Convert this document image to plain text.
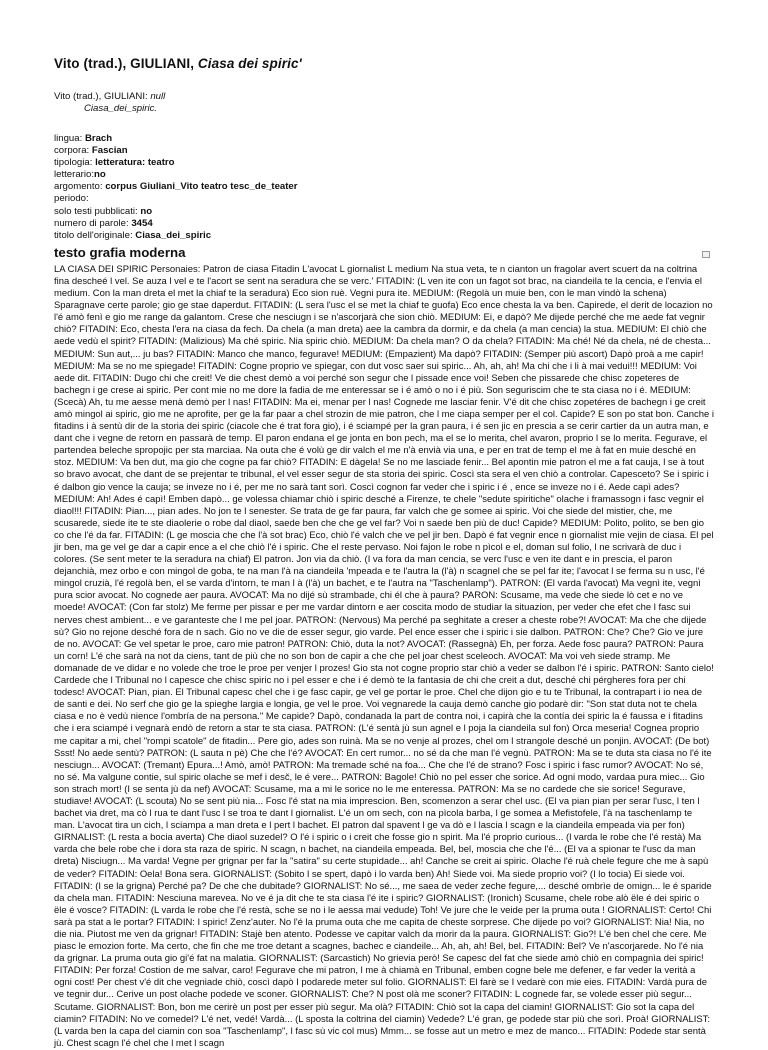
Vito (trad.), GIULIANI, Ciasa dei spiric'

Vito (trad.), GIULIANI: null

Ciasa_dei_spiric.

lingua: Brach
corpora: Fascian
tipologia: letteratura: teatro
letterario:no
argomento: corpus Giuliani_Vito teatro tesc_de_teater
periodo:
solo testi pubblicati: no
numero di parole: 3454
titolo dell'originale: Ciasa_dei_spiric
testo grafia moderna
LA CIASA DEI SPIRIC Personaies: Patron de ciasa Fitadin L'avocat L giornalist L medium Na stua veta, te n cianton un fragolar avert scuert da na coltrina fina descheé l vel. Se auza l vel e te l'acort se sent na seradura che se verc.' FITADIN: (L ven ite con un fagot sot brac, na ciandeila te la cencia, e l'envia el medium. Con la man dreta el met la chiaf te la seradura) Eco sion ruè. Vegni pura ite. MEDIUM: (Regolà un muie ben, con le man vindò la schena) Sparagnave certe parole; gio ge stae daperdut. FITADIN: (L sera l'usc el se met la chiaf te guofa) Eco ence chesta la va ben. Capirede, el derit de locazion no l'é amò fenì e gio me range da galantom. Crese che nesciugn i se n'ascorjarà che sion chiò. MEDIUM: Ei, e dapò? Me dijede perché che me aede fat vegnir chiò? FITADIN: Eco, chesta l'era na ciasa da fech. Da chela (a man dreta) aee la cambra da dormir, e da chela (a man cencia) la stua. MEDIUM: El chiò che aede vedù el spirit? FITADIN: (Malizious) Ma ché spiric. Nia spiric chiò. MEDIUM: Da chela man? O da chela? FITADIN: Ma ché! Né da chela, né de chesta... MEDIUM: Sun aut,... ju bas? FITADIN: Manco che manco, fegurave! MEDIUM: (Empazient) Ma dapò? FITADIN: (Semper più ascort) Dapò proà a me capir! MEDIUM: Ma se no me spiegade! FITADIN: Cogne proprio ve spiegar, con dut vosc saer sui spiric... Ah, ah, ah! Ma chi che i li à mai vedui!!! MEDIUM: Voi aede dit. FITADIN: Dugo chi che creit! Ve die chest demò a voi perché son segur che l pissade ence voi! Seben che pissarede che chisc zopeteres de bachegn i ge crese ai spiric. Per cont mie no me dore la fadia de me enteressar se i é amò o no i é più. Son seguriscim che te sta ciasa no i é. MEDIUM: (Scecà) Ah, tu me aesse menà demò per l nas! FITADIN: Ma ei, menar per l nas! Cognede me lasciar fenir. V'é dit che chisc zopetéres de bachegn i ge creit amò mingol ai spiric, gio me ne aprofite, per ge la far paar a chel strozin de mie patron, che l me ciapa semper per el col. Capide? E son po stat bon. Canche i fitadins i à sentù dir de la storia dei spiric (ciacole che é trat fora gio), i é sciampé per la gran paura, i é sen jic en prescia a se cerir cartier da un autra man, e dant che i vegne de retorn en passarà de temp. El paron endana el ge jonta en bon pech, ma el se lo merita, chel avaron, proprio l se lo merita. Fegurave, el partendea beleche spropojic per sta marciaa. Na outa che é volù ge dir valch el me n'à envià via una, e per en trat de temp el me à fat en muie desché en stoz. MEDIUM: Va ben dut, ma gio che cogne pa far chiò? FITADIN: E dàgela! Se no me lasciade fenir... Bel apontin mie patron el me a fat cauja, l se à tout so bravo avocat, che dant de se prejentar te tribunal, el vel esser segur de sta storia dei spiric. Coscì sta sera el ven chiò a controlar. Capesceto? Se i spiric i é dalbon gio vence la cauja; se inveze no i é, per me no sarà tant sorì. Coscì cognon far veder che i spiric i é , ence se inveze no i é. Aede capì ades? MEDIUM: Ah! Ades é capì! Emben dapò... ge volessa chiamar chiò i spiric desché a Firenze, te chele "sedute spiritiche" olache i framassogn i fasc vegnir el diaol!!! FITADIN: Pian..., pian ades. No jon te l senester. Se trata de ge far paura, far valch che ge somee ai spiric. Voi che siede del mistier, che, me scusarede, siede ite te ste diaolerie o robe dal diaol, saede ben che che ge vel far? Voi n saede ben più de duc! Capide? MEDIUM: Polito, polito, se ben gio co che l'é da far. FITADIN: (L ge moscia che che l'à sot brac) Eco, chiò l'é valch che ve pel jir ben. Dapò é fat vegnir ence n giornalist mie vejin de ciasa. El pel jir ben, ma ge vel ge dar a capir ence a el che chiò l'é i spiric. Che el reste pervaso. Noi fajon le robe n pìcol e el, doman sul folio, l ne scrivarà de duc i colores. (Se sent meter te la seradura na chiaf) El patron. Jon via da chiò. (I va fora da man cencia, se verc l'usc e ven ite dant e in prescia, el paron dejanchià, mez orbo e con mingol de goba, te na man l'à na ciandeila 'mpeada e te l'autra la (l'à) n scagnel che se pel far ite; l'avocat l se ferma su n usc, l'é mingol cruzià, l'é regolà ben, el se varda d'intorn, te man l à (l'à) un bachet, e te l'autra na "Taschenlamp"). PATRON: (El varda l'avocat) Ma vegnì ite, vegnì pura scior avocat. No cognede aer paura. AVOCAT: Ma no dijé sù strambade, chi él che à paura? PARON: Scusame, ma vede che siede lò cet e no ve moede! AVOCAT: (Con far stolz) Me ferme per pissar e per me vardar dintorn e aer coscita modo de studiar la situazion, per veder che efet che l fasc sui nerves chest ambient... e ve garanteste che l me pel joar. PATRON: (Nervous) Ma perché pa seghitate a creser a cheste robe?! AVOCAT: Ma che che dijede sù? Gio no rejone desché fora de n sach. Gio no ve die de esser segur, gio varde. Pel ence esser che i spiric i sie dalbon. PATRON: Che? Che? Gio ve jure de no. AVOCAT: Ge vel spetar le proe, caro mie patron! PATRON: Chiò, duta la not? AVOCAT: (Rassegnà) Eh, per forza. Aede fosc paura? PATRON: Paura un corn! L'é che sarà na not da ciens, tant de più che no son bon de capir a che che pel joar chest sceleoch. AVOCAT: Ma voi veh siede stramp. Me domanade de ve didar e no volede che troe le proe per venjer l prozes! Gio sta not cogne proprio star chiò a veder se dalbon l'é i spiric. PATRON: Santo cielo! Cardede che l Tribunal no l capesce che chisc spiric no i pel esser e che i é demò te la fantasia de chi che creit a dut, desché chi pérgheres fora per chi todesc! AVOCAT: Pian, pian. El Tribunal capesc chel che i ge fasc capir, ge vel ge portar le proe. Chel che dijon gio e tu te Tribunal, la contrapart i io nea de de santi e dei. No serf che gio ge la spieghe largia e longia, ge vel le proe. Voi vegnarede la cauja demò canche gio podarè dir: "Son stat duta not te chela ciasa e no è vedù nience l'ombría de na persona." Me capide? Dapò, condanada la part de contra noi, i capirà che la contía dei spiric la é faussa e i fitadins che i era sciampé i vegnarà endò de retorn a star te sta ciasa. PATRON: (L'é sentà jù sun agnel e l poja la ciandeila sul fon) Orca meseria! Cognea proprio me capitar a mi, chel "rompi scatole" de fitadin... Pere gio, ades son ruinà. Ma se no venje al prozes, chel om l strangole desché un ponjin. AVOCAT: (De bot) Ssst! No aede sentù? PATRON: (L sauta n pè) Che che l'é? AVOCAT: En cert rumor... no sé da che man l'é vegnù. PATRON: Ma se te duta sta ciasa no l'é ite nesciugn... AVOCAT: (Tremant) Epura...! Amò, amò! PATRON: Ma tremade sché na foa... Che che l'é de strano? Fosc i spiric i fasc rumor? AVOCAT: No sé, no sé. Ma valgune contie, sul spiric olache se mef i desč, le é vere... PATRON: Bagole! Chiò no pel esser che sorice. Ad ogni modo, vardaa pura miec... Gio son strach mort! (I se senta jù da nef) AVOCAT: Scusame, ma a mi le sorice no le me enteressa. PATRON: Ma se no cardede che sie sorice! Segurave, studiave! AVOCAT: (L scouta) No se sent più nia... Fosc l'é stat na mia imprescion. Ben, scomenzon a serar chel usc. (El va pian pian per serar l'usc, l ten l bachet via dret, ma cò l rua te dant l'usc l se troa te dant l giornalist. L'é un om sech, con na pìcola barba, l ge somea a Mefistofele, l'à na taschenlamp te man. L'avocat tira un cich, l sciampa a man dreta e l pert l bachet. El patron dal spavent l ge va dò e l lascia l scagn e la ciandeila empeada via per fon) GIRNALIST: (L resta a bocia averta) Che diaol suzedel? O l'é i spiric o i creit che fosse gio n spirit. Ma l'é proprio curious... (l varda le robe che l'é restà) Ma varda che bele robe che i dora sta raza de spiric. N scagn, n bachet, na ciandeila empeada. Bel, bel, moscia che che l'é... (El va a spionar te l'usc da man dreta) Nisciugn... Ma varda! Vegne per grignar per far la "satira" su certe stupidade... ah! Canche se creit ai spiric. Olache l'é ruà chele fegure che me à sapù de veder? FITADIN: Oela! Bona sera. GIORNALIST: (Sobito l se spert, dapò i lo varda ben) Ah! Siede voi. Ma siede proprio voi? (I lo tocia) Ei siede voi. FITADIN: (I se la grigna) Perché pa? De che che dubitade? GIORNALIST: No sé..., me saea de veder zeche fegure,... desché ombrìe de omign... le é sparide da chela man. FITADIN: Nesciuna marevea. No ve é ja dit che te sta ciasa l'é ite i spiric? GIORNALIST: (Ironich) Scusame, chele robe alò ële é dei spiric o ële é vosce? FITADIN: (L varda le robe che l'é restà, sche se no i le aessa mai vedude) Toh! Ve jure che le veide per la pruma outa ! GIORNALIST: Certo! Chi sarà pa stat a le portar? FITADIN: I spiric! Zenz'auter. No l'é la pruma outa che me capita de cheste sorprese. Che dijede po voi? GIORNALIST: Nia! Nia, no die nia. Piutost me ven da grignar! FITADIN: Stajè ben atento. Podesse ve capitar valch da morir da la paura. GIORNALIST: Gio?! L'é ben chel che cere. Me piasc le emozion forte. Ma certo, che fin che me troe detant a scagnes, bachec e ciandeile... Ah, ah, ah! Bel, bel. FITADIN: Bel? Ve n'ascorjarede. No l'é nia da grignar. La pruma outa gio gi'é fat na malatia. GIORNALIST: (Sarcastich) No grievia però! Se capesc del fat che siede amò chiò en compagnìa dei spiric! FITADIN: Per forza! Costion de me salvar, caro! Fegurave che mi patron, l me à chiamà en Tribunal, emben cogne bele me defener, e far veder la verità a ogni cost! Per chest v'é dit che vegniade chiò, coscì dapò I podarede meter sul folio. GIORNALIST: El farè se I vedarè con mie eies. FITADIN: Vardà pura de ve tegnir dur... Cerive un post olache podede ve sconer. GIORNALIST: Che? N post olà me sconer? FITADIN: L cognede far, se volede esser più segur... Scutame. GIORNALIST: Bon, bon me cerirè un post per esser più segur. Ma olà? FITADIN: Chiò sot la capa del ciamin! GIORNALIST: Gio sot la capa del ciamin? FITADIN: No ve comedel? L'é net, vedé! Vardà... (L sposta la coltrina del ciamin) Vedede? L'é gran, ge podede star più che sorì. Proà! GIORNALIST: (L varda ben la capa del ciamin con soa "Taschenlamp", l fasc sù vic col mus) Mmm... se fosse aut un metro e mez de manco... FITADIN: Podede star sentà jù. Chest scagn l'é chel che l met l scagn
